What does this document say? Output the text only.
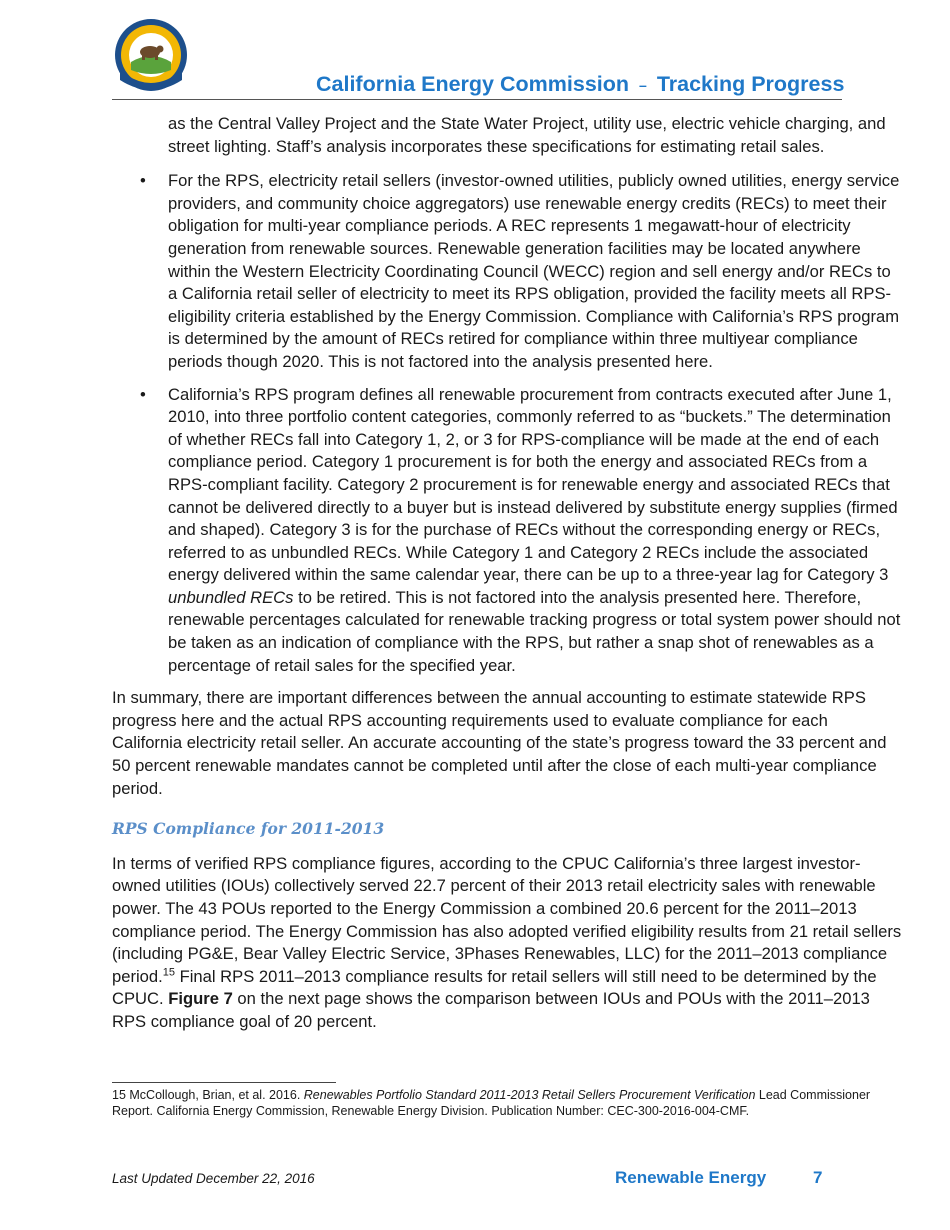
California Energy Commission – Tracking Progress

as the Central Valley Project and the State Water Project, utility use, electric vehicle charging, and street lighting. Staff’s analysis incorporates these specifications for estimating retail sales.

• For the RPS, electricity retail sellers (investor-owned utilities, publicly owned utilities, energy service providers, and community choice aggregators) use renewable energy credits (RECs) to meet their obligation for multi-year compliance periods. A REC represents 1 megawatt-hour of electricity generation from renewable sources. Renewable generation facilities may be located anywhere within the Western Electricity Coordinating Council (WECC) region and sell energy and/or RECs to a California retail seller of electricity to meet its RPS obligation, provided the facility meets all RPS-eligibility criteria established by the Energy Commission. Compliance with California’s RPS program is determined by the amount of RECs retired for compliance within three multiyear compliance periods though 2020. This is not factored into the analysis presented here.

• California’s RPS program defines all renewable procurement from contracts executed after June 1, 2010, into three portfolio content categories, commonly referred to as “buckets.” The determination of whether RECs fall into Category 1, 2, or 3 for RPS-compliance will be made at the end of each compliance period. Category 1 procurement is for both the energy and associated RECs from a RPS-compliant facility. Category 2 procurement is for renewable energy and associated RECs that cannot be delivered directly to a buyer but is instead delivered by substitute energy supplies (firmed and shaped). Category 3 is for the purchase of RECs without the corresponding energy or RECs, referred to as unbundled RECs. While Category 1 and Category 2 RECs include the associated energy delivered within the same calendar year, there can be up to a three-year lag for Category 3 unbundled RECs to be retired. This is not factored into the analysis presented here. Therefore, renewable percentages calculated for renewable tracking progress or total system power should not be taken as an indication of compliance with the RPS, but rather a snap shot of renewables as a percentage of retail sales for the specified year.

In summary, there are important differences between the annual accounting to estimate statewide RPS progress here and the actual RPS accounting requirements used to evaluate compliance for each California electricity retail seller. An accurate accounting of the state’s progress toward the 33 percent and 50 percent renewable mandates cannot be completed until after the close of each multi-year compliance period.

RPS Compliance for 2011-2013

In terms of verified RPS compliance figures, according to the CPUC California’s three largest investor-owned utilities (IOUs) collectively served 22.7 percent of their 2013 retail electricity sales with renewable power. The 43 POUs reported to the Energy Commission a combined 20.6 percent for the 2011–2013 compliance period. The Energy Commission has also adopted verified eligibility results from 21 retail sellers (including PG&E, Bear Valley Electric Service, 3Phases Renewables, LLC) for the 2011–2013 compliance period.$^{15}$ Final RPS 2011–2013 compliance results for retail sellers will still need to be determined by the CPUC. Figure 7 on the next page shows the comparison between IOUs and POUs with the 2011–2013 RPS compliance goal of 20 percent.

15 McCollough, Brian, et al. 2016. Renewables Portfolio Standard 2011-2013 Retail Sellers Procurement Verification Lead Commissioner Report. California Energy Commission, Renewable Energy Division. Publication Number: CEC-300-2016-004-CMF.
Last Updated December 22, 2016	Renewable Energy	7
